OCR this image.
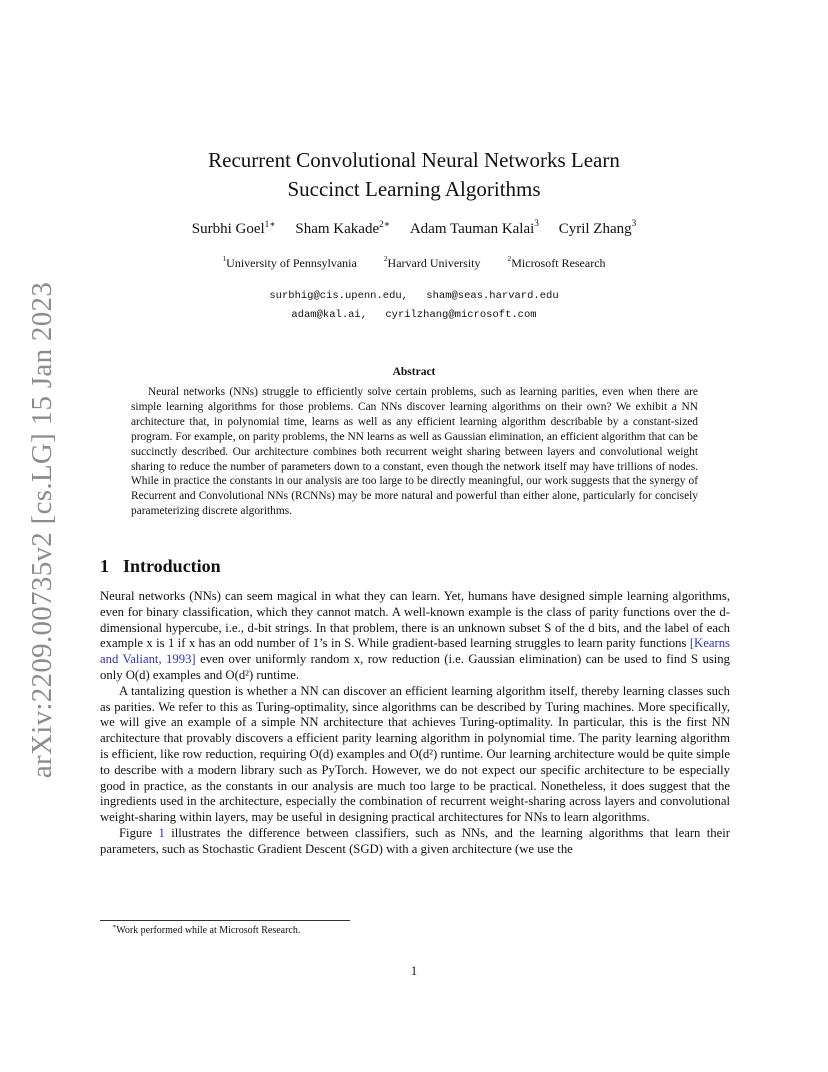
arXiv:2209.00735v2 [cs.LG] 15 Jan 2023
Recurrent Convolutional Neural Networks Learn
Succinct Learning Algorithms
Surbhi Goel$^{1∗}$ Sham Kakade$^{2∗}$ Adam Tauman Kalai$^3$ Cyril Zhang$^3$
$^1$University of Pennsylvania	$^2$Harvard University	$^2$Microsoft Research
surbhig@cis.upenn.edu, sham@seas.harvard.edu
adam@kal.ai, cyrilzhang@microsoft.com
Abstract

Neural networks (NNs) struggle to efficiently solve certain problems, such as learning parities, even when there are simple learning algorithms for those problems. Can NNs discover learning algorithms on their own? We exhibit a NN architecture that, in polynomial time, learns as well as any efficient learning algorithm describable by a constant-sized program. For example, on parity problems, the NN learns as well as Gaussian elimination, an efficient algorithm that can be succinctly described. Our architecture combines both recurrent weight sharing between layers and convolutional weight sharing to reduce the number of parameters down to a constant, even though the network itself may have trillions of nodes. While in practice the constants in our analysis are too large to be directly meaningful, our work suggests that the synergy of Recurrent and Convolutional NNs (RCNNs) may be more natural and powerful than either alone, particularly for concisely parameterizing discrete algorithms.

1 Introduction

Neural networks (NNs) can seem magical in what they can learn. Yet, humans have designed simple learning algorithms, even for binary classification, which they cannot match. A well-known example is the class of parity functions over the d-dimensional hypercube, i.e., d-bit strings. In that problem, there is an unknown subset S of the d bits, and the label of each example x is 1 if x has an odd number of 1’s in S. While gradient-based learning struggles to learn parity functions [Kearns and Valiant, 1993] even over uniformly random x, row reduction (i.e. Gaussian elimination) can be used to find S using only O(d) examples and O(d²) runtime.

A tantalizing question is whether a NN can discover an efficient learning algorithm itself, thereby learning classes such as parities. We refer to this as Turing-optimality, since algorithms can be described by Turing machines. More specifically, we will give an example of a simple NN architecture that achieves Turing-optimality. In particular, this is the first NN architecture that provably discovers a efficient parity learning algorithm in polynomial time. The parity learning algorithm is efficient, like row reduction, requiring O(d) examples and O(d²) runtime. Our learning architecture would be quite simple to describe with a modern library such as PyTorch. However, we do not expect our specific architecture to be especially good in practice, as the constants in our analysis are much too large to be practical. Nonetheless, it does suggest that the ingredients used in the architecture, especially the combination of recurrent weight-sharing across layers and convolutional weight-sharing within layers, may be useful in designing practical architectures for NNs to learn algorithms.

Figure 1 illustrates the difference between classifiers, such as NNs, and the learning algorithms that learn their parameters, such as Stochastic Gradient Descent (SGD) with a given architecture (we use the

∗Work performed while at Microsoft Research.
1
